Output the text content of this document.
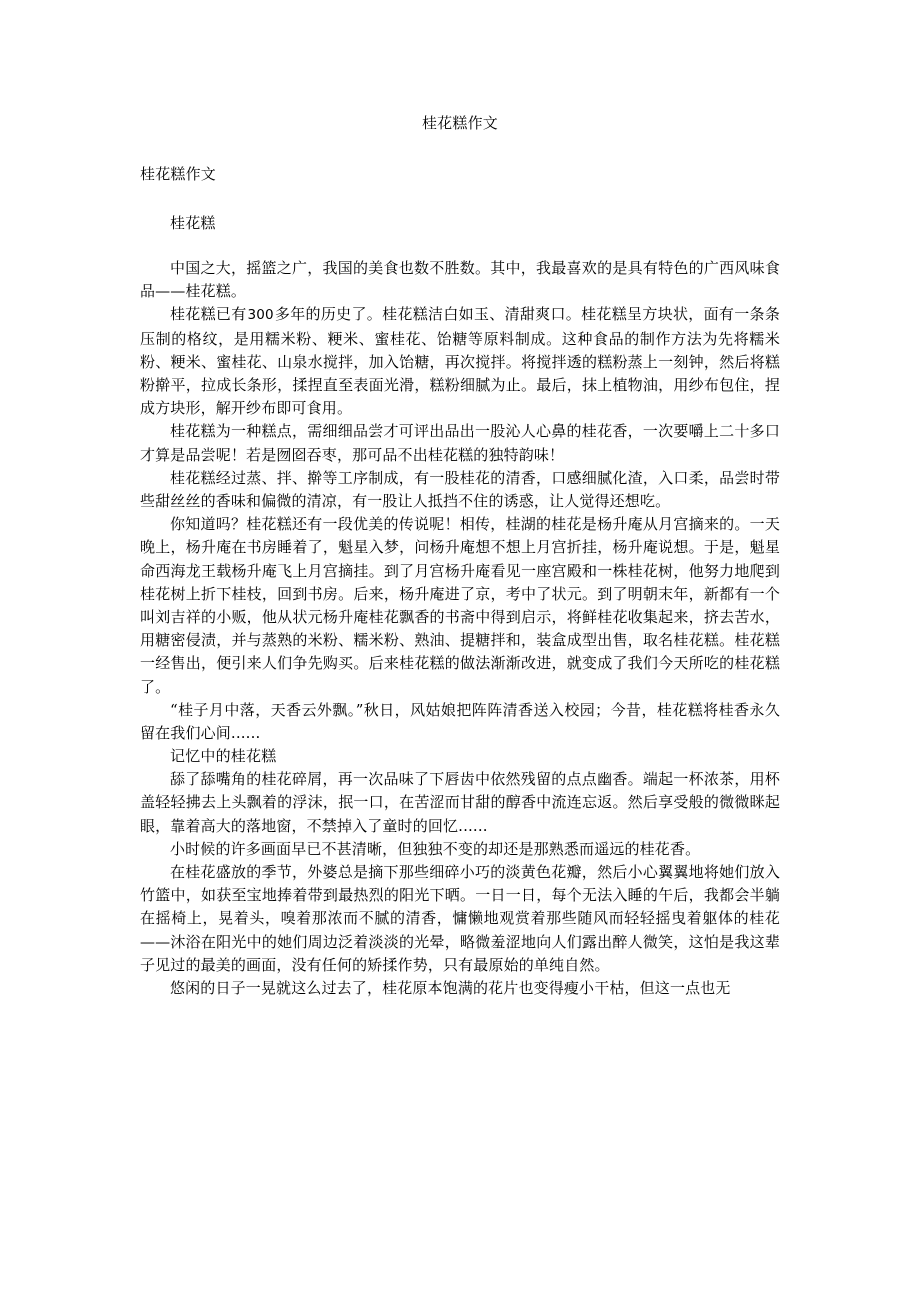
桂花糕作文
桂花糕作文
桂花糕

中国之大，摇篮之广，我国的美食也数不胜数。其中，我最喜欢的是具有特色的广西风味食品——桂花糕。

桂花糕已有300多年的历史了。桂花糕洁白如玉、清甜爽口。桂花糕呈方块状，面有一条条压制的格纹，是用糯米粉、粳米、蜜桂花、饴糖等原料制成。这种食品的制作方法为先将糯米粉、粳米、蜜桂花、山泉水搅拌，加入饴糖，再次搅拌。将搅拌透的糕粉蒸上一刻钟，然后将糕粉擀平，拉成长条形，揉捏直至表面光滑，糕粉细腻为止。最后，抹上植物油，用纱布包住，捏成方块形，解开纱布即可食用。

桂花糕为一种糕点，需细细品尝才可评出品出一股沁人心鼻的桂花香，一次要嚼上二十多口才算是品尝呢！若是囫囵吞枣，那可品不出桂花糕的独特韵味！

桂花糕经过蒸、拌、擀等工序制成，有一股桂花的清香，口感细腻化渣，入口柔，品尝时带些甜丝丝的香味和偏微的清凉，有一股让人抵挡不住的诱惑，让人觉得还想吃。

你知道吗？桂花糕还有一段优美的传说呢！相传，桂湖的桂花是杨升庵从月宫摘来的。一天晚上，杨升庵在书房睡着了，魁星入梦，问杨升庵想不想上月宫折挂，杨升庵说想。于是，魁星命西海龙王载杨升庵飞上月宫摘挂。到了月宫杨升庵看见一座宫殿和一株桂花树，他努力地爬到桂花树上折下桂枝，回到书房。后来，杨升庵进了京，考中了状元。到了明朝末年，新都有一个叫刘吉祥的小贩，他从状元杨升庵桂花飘香的书斋中得到启示，将鲜桂花收集起来，挤去苦水，用糖密侵渍，并与蒸熟的米粉、糯米粉、熟油、提糖拌和，装盒成型出售，取名桂花糕。桂花糕一经售出，便引来人们争先购买。后来桂花糕的做法渐渐改进，就变成了我们今天所吃的桂花糕了。

“桂子月中落，天香云外飘。”秋日，风姑娘把阵阵清香送入校园；今昔，桂花糕将桂香永久留在我们心间......

记忆中的桂花糕

舔了舔嘴角的桂花碎屑，再一次品味了下唇齿中依然残留的点点幽香。端起一杯浓茶，用杯盖轻轻拂去上头飘着的浮沫，抿一口，在苦涩而甘甜的醇香中流连忘返。然后享受般的微微眯起眼，靠着高大的落地窗，不禁掉入了童时的回忆......

小时候的许多画面早已不甚清晰，但独独不变的却还是那熟悉而遥远的桂花香。

在桂花盛放的季节，外婆总是摘下那些细碎小巧的淡黄色花瓣，然后小心翼翼地将她们放入竹篮中，如获至宝地捧着带到最热烈的阳光下晒。一日一日，每个无法入睡的午后，我都会半躺在摇椅上，晃着头，嗅着那浓而不腻的清香，慵懒地观赏着那些随风而轻轻摇曳着躯体的桂花——沐浴在阳光中的她们周边泛着淡淡的光晕，略微羞涩地向人们露出醉人微笑，这怕是我这辈子见过的最美的画面，没有任何的矫揉作势，只有最原始的单纯自然。

悠闲的日子一晃就这么过去了，桂花原本饱满的花片也变得瘦小干枯，但这一点也无
